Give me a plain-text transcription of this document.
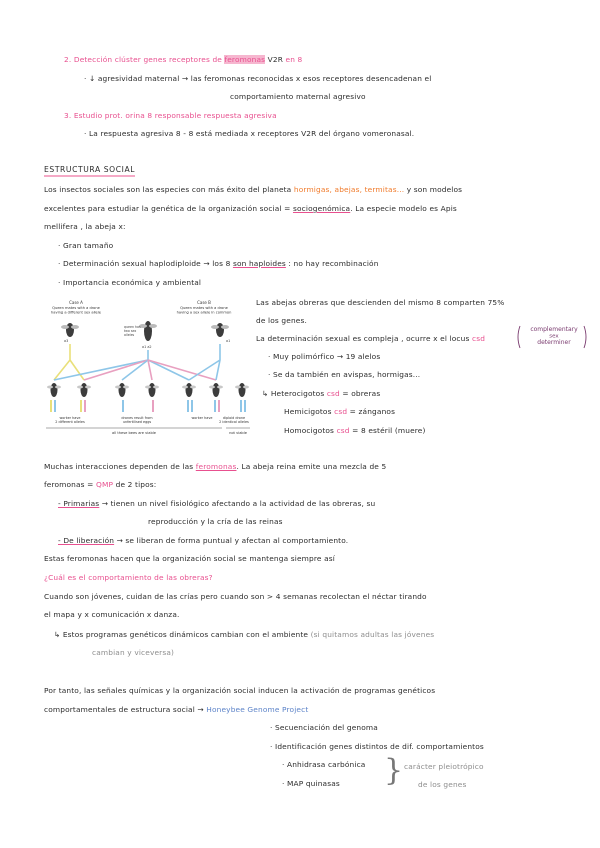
2. Detección clúster genes receptores de feromonas V2R en 8
· ↓ agresividad maternal → las feromonas reconocidas x esos receptores desencadenan el
comportamiento maternal agresivo
3. Estudio prot. orina 8 responsable respuesta agresiva
· La respuesta agresiva 8 - 8 está mediada x receptores V2R del órgano vomeronasal.
ESTRUCTURA SOCIAL
Los insectos sociales son las especies con más éxito del planeta hormigas, abejas, termitas... y son modelos
excelentes para estudiar la genética de la organización social = sociogenómica. La especie modelo es Apis
mellifera , la abeja x:
· Gran tamaño
· Determinación sexual haplodiploide → los 8 son haploides : no hay recombinación
· Importancia económica y ambiental
Case A
Queen mates with a drone
having a different sex allele
Case B
Queen mates with a drone
having a sex allele in common
a3
queen has
two sex
alleles
a1 a2
a1
worker have
2 different alleles
drones result from
unfertilised eggs
worker have	diploid drone
2 identical alleles
all these bees are viable	not viable
Las abejas obreras que descienden del mismo 8 comparten 75%
de los genes.
La determinación sexual es compleja , ocurre x el locus csd
complementary
sex
determiner
· Muy polimórfico → 19 alelos
· Se da también en avispas, hormigas...
↳ Heterocigotos csd = obreras
Hemicigotos csd = zánganos
Homocigotos csd = 8 estéril (muere)
Muchas interacciones dependen de las feromonas. La abeja reina emite una mezcla de 5
feromonas = QMP de 2 tipos:
- Primarias → tienen un nivel fisiológico afectando a la actividad de las obreras, su
reproducción y la cría de las reinas
- De liberación → se liberan de forma puntual y afectan al comportamiento.
Estas feromonas hacen que la organización social se mantenga siempre así
¿Cuál es el comportamiento de las obreras?
Cuando son jóvenes, cuidan de las crías pero cuando son > 4 semanas recolectan el néctar tirando
el mapa y x comunicación x danza.
↳ Estos programas genéticos dinámicos cambian con el ambiente (si quitamos adultas las jóvenes
cambian y viceversa)
Por tanto, las señales químicas y la organización social inducen la activación de programas genéticos
comportamentales de estructura social → Honeybee Genome Project
· Secuenciación del genoma
· Identificación genes distintos de dif. comportamientos
· Anhidrasa carbónica
· MAP quinasas } carácter pleiotrópico
de los genes
